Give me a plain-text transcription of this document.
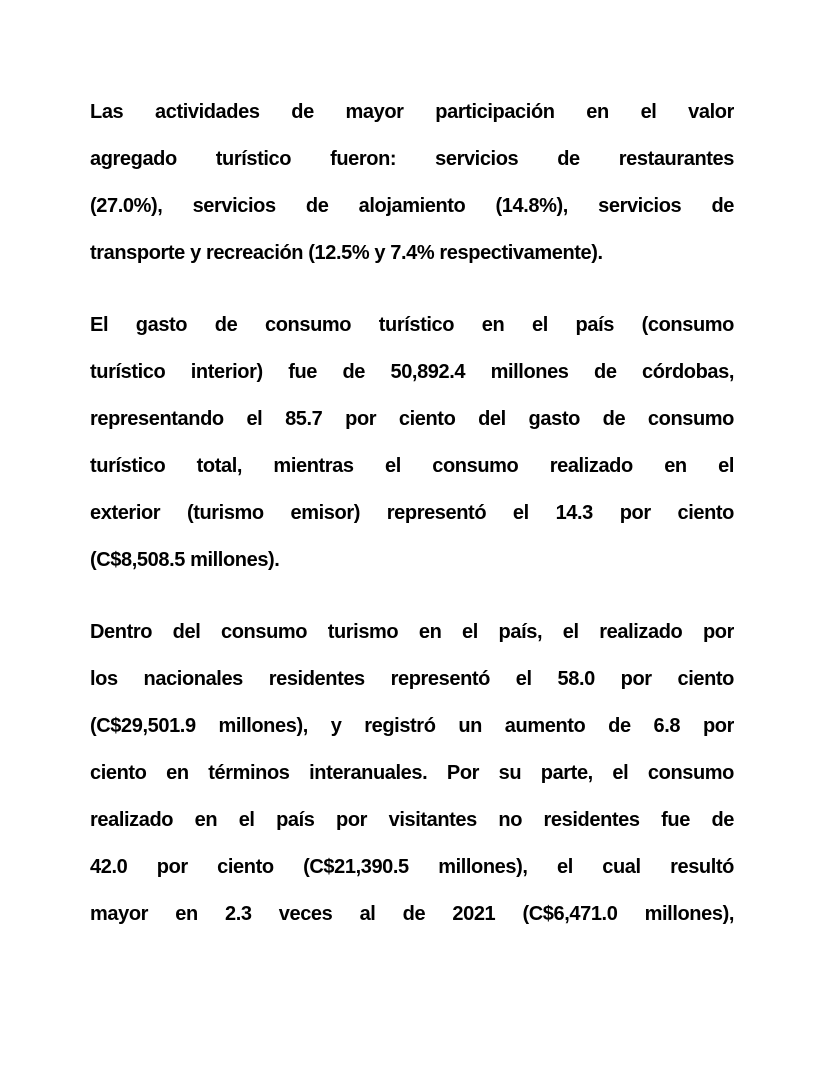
Las actividades de mayor participación en el valor
agregado turístico fueron: servicios de restaurantes
(27.0%), servicios de alojamiento (14.8%), servicios de
transporte y recreación (12.5% y 7.4% respectivamente).
El gasto de consumo turístico en el país (consumo
turístico interior) fue de 50,892.4 millones de córdobas,
representando el 85.7 por ciento del gasto de consumo
turístico total, mientras el consumo realizado en el
exterior (turismo emisor) representó el 14.3 por ciento
(C$8,508.5 millones).
Dentro del consumo turismo en el país, el realizado por
los nacionales residentes representó el 58.0 por ciento
(C$29,501.9 millones), y registró un aumento de 6.8 por
ciento en términos interanuales. Por su parte, el consumo
realizado en el país por visitantes no residentes fue de
42.0 por ciento (C$21,390.5 millones), el cual resultó
mayor en 2.3 veces al de 2021 (C$6,471.0 millones),
